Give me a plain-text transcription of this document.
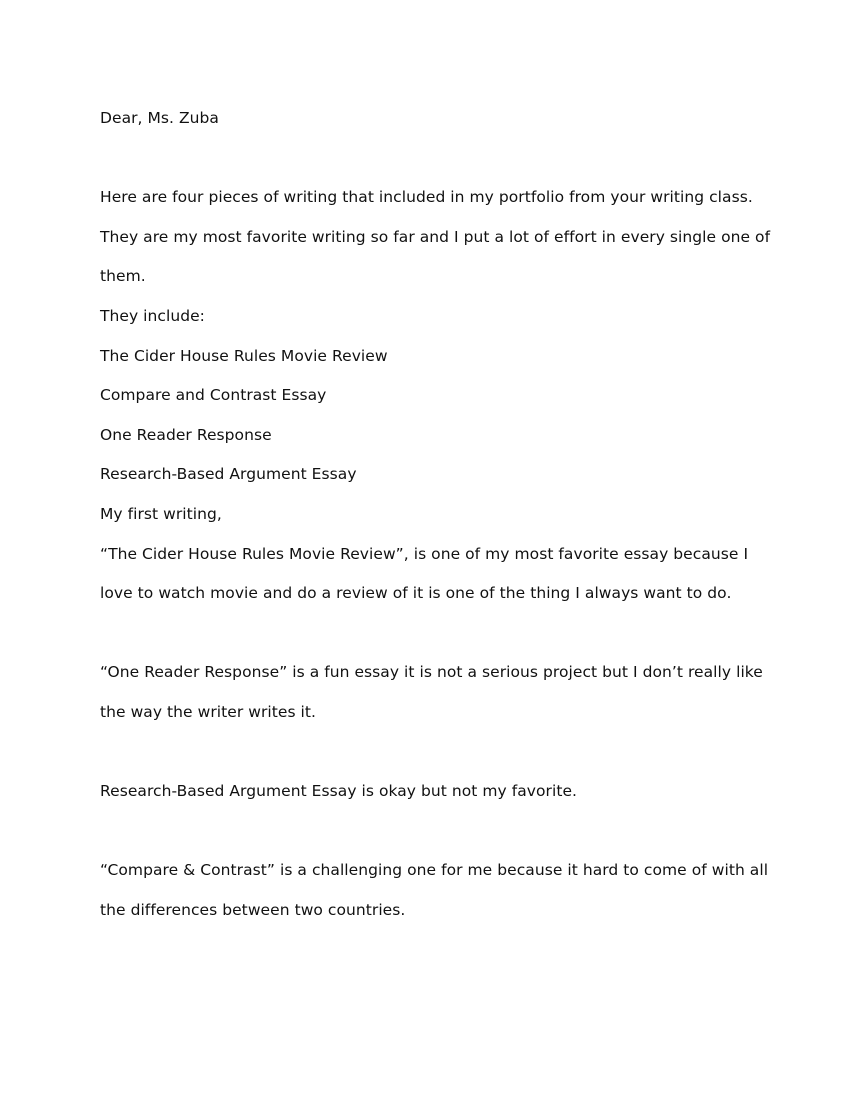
Dear, Ms. Zuba

Here are four pieces of writing that included in my portfolio from your writing class.

They are my most favorite writing so far and I put a lot of effort in every single one of

them.

They include:

The Cider House Rules Movie Review

Compare and Contrast Essay

One Reader Response

Research-Based Argument Essay

My first writing,

“The Cider House Rules Movie Review”, is one of my most favorite essay because I

love to watch movie and do a review of it is one of the thing I always want to do.

“One Reader Response” is a fun essay it is not a serious project but I don’t really like

the way the writer writes it.

Research-Based Argument Essay is okay but not my favorite.

“Compare & Contrast” is a challenging one for me because it hard to come of with all

the differences between two countries.
